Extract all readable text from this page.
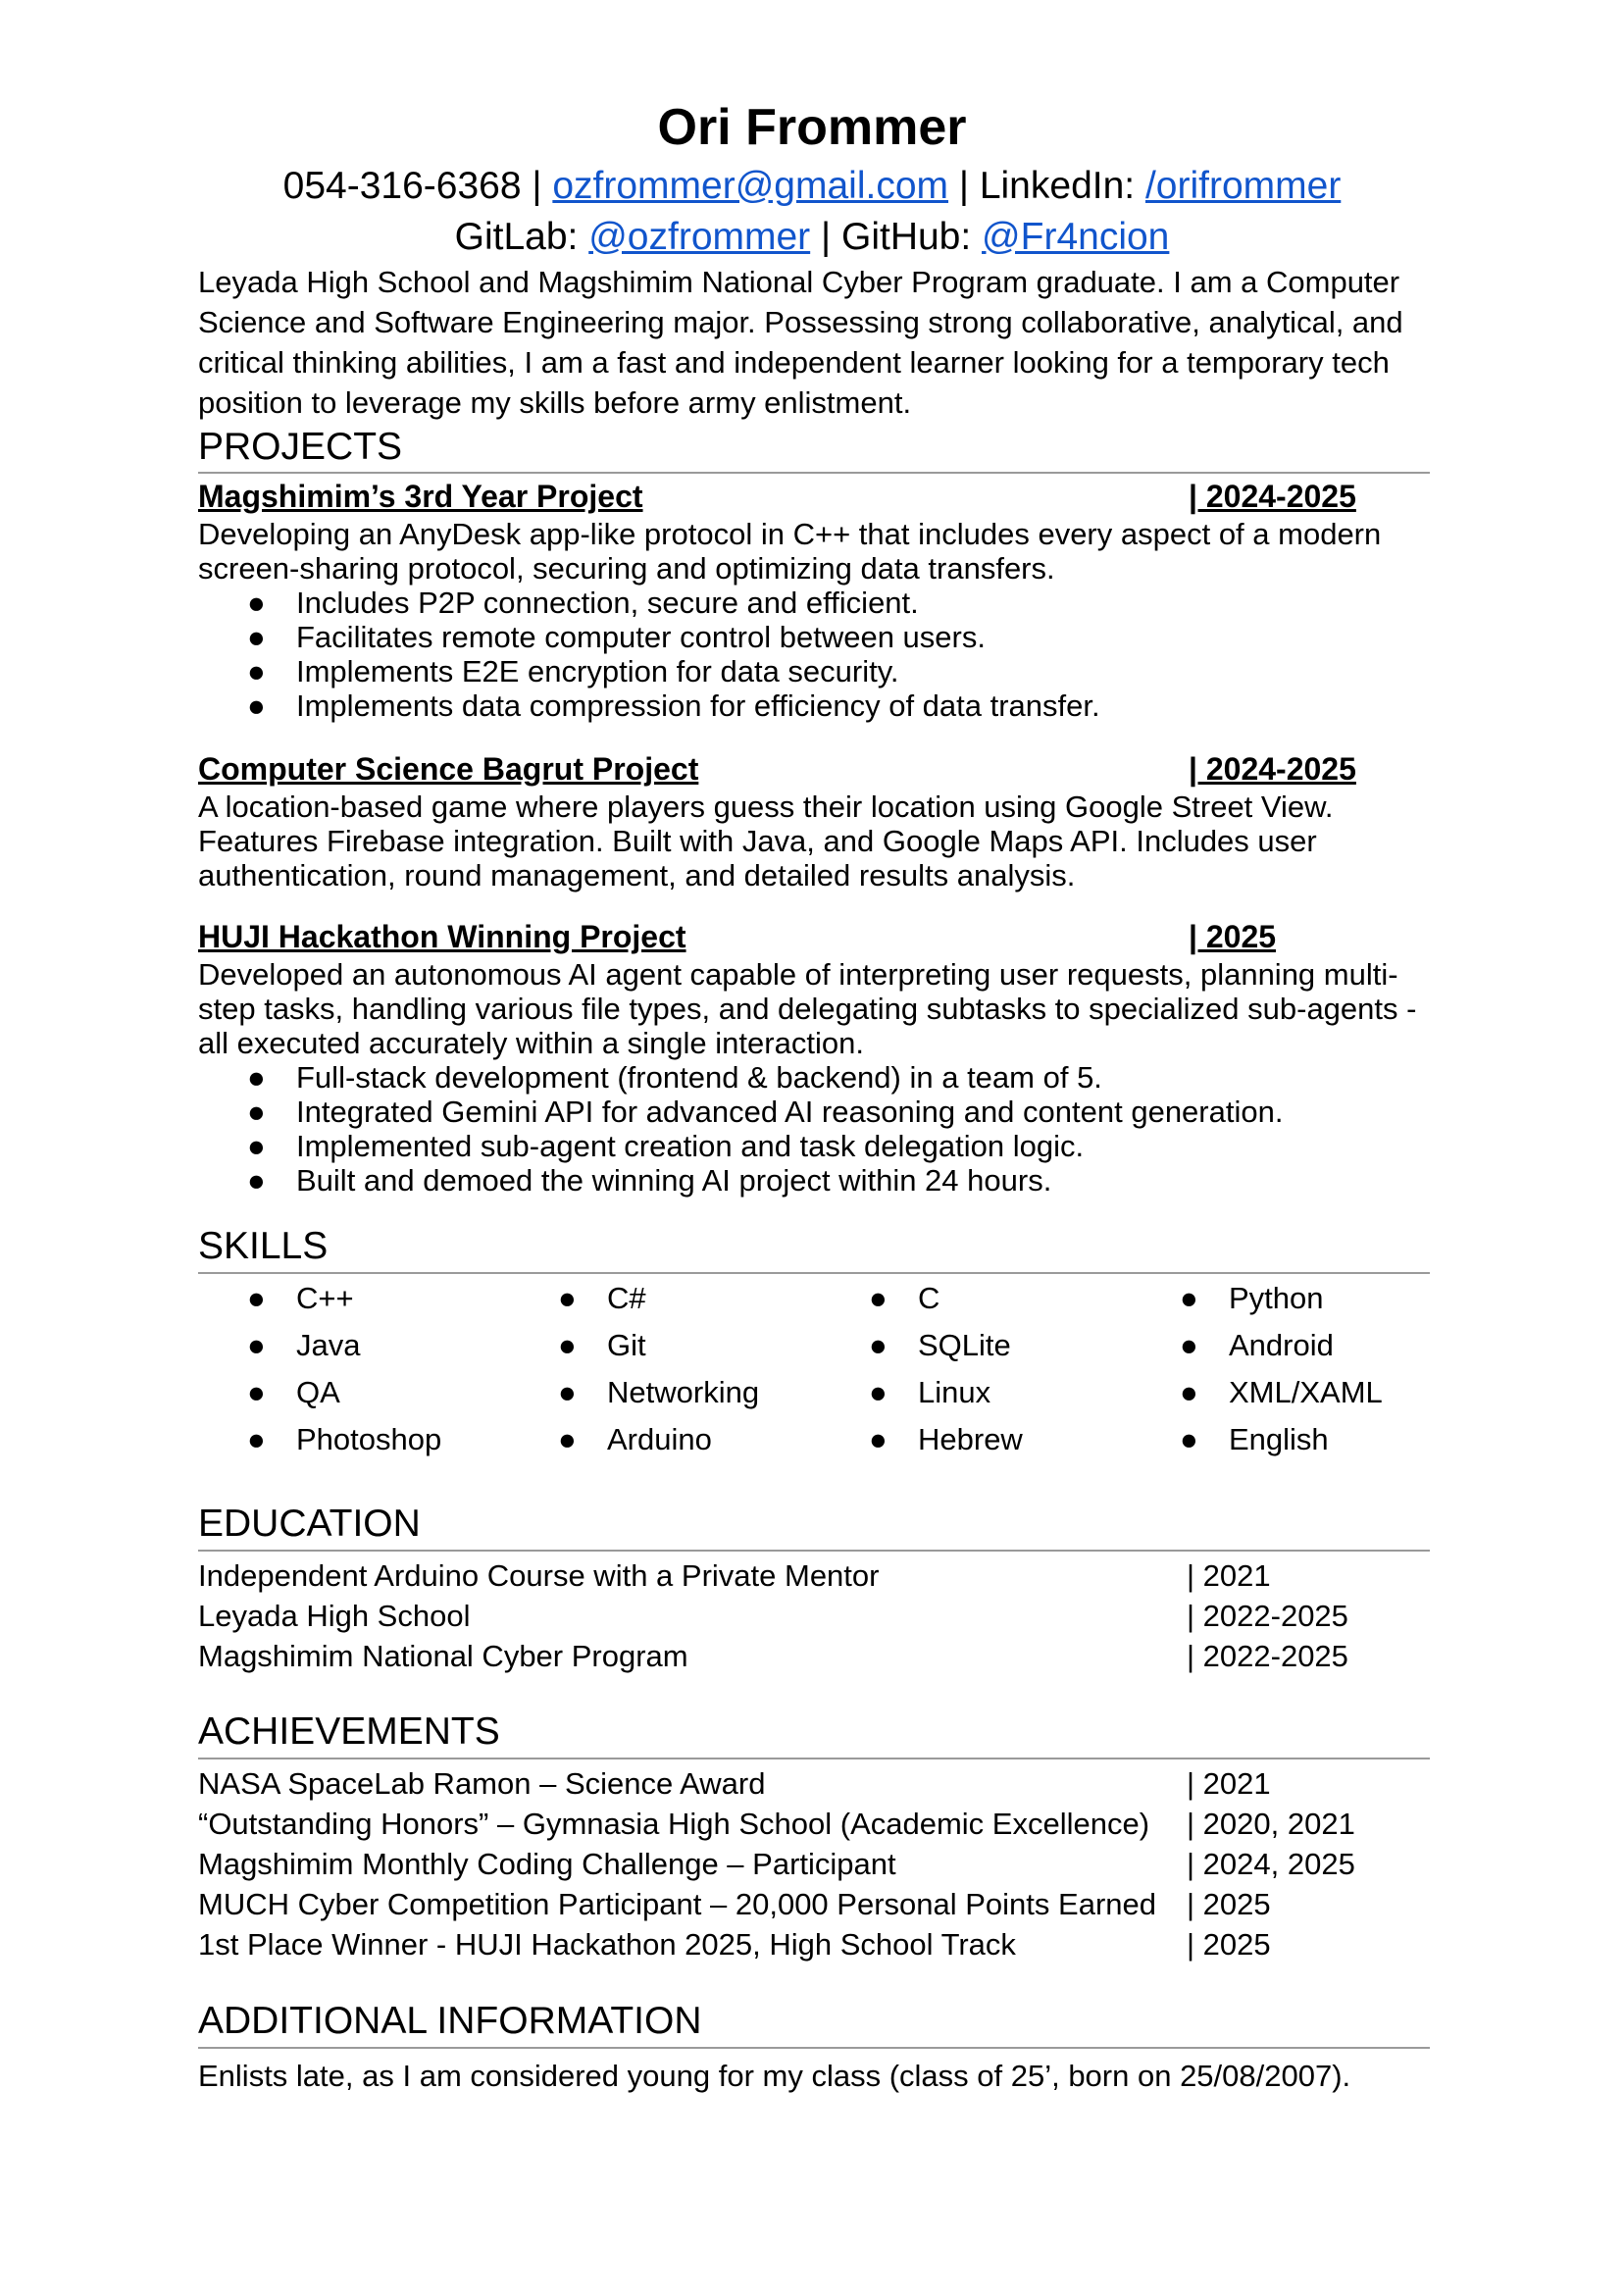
Ori Frommer
054-316-6368 | ozfrommer@gmail.com | LinkedIn: /orifrommer
GitLab: @ozfrommer | GitHub: @Fr4ncion
Leyada High School and Magshimim National Cyber Program graduate. I am a Computer Science and Software Engineering major. Possessing strong collaborative, analytical, and critical thinking abilities, I am a fast and independent learner looking for a temporary tech position to leverage my skills before army enlistment.
PROJECTS
Magshimim’s 3rd Year Project	| 2024-2025
Developing an AnyDesk app-like protocol in C++ that includes every aspect of a modern screen-sharing protocol, securing and optimizing data transfers.
● Includes P2P connection, secure and efficient.
● Facilitates remote computer control between users.
● Implements E2E encryption for data security.
● Implements data compression for efficiency of data transfer.
Computer Science Bagrut Project	| 2024-2025
A location-based game where players guess their location using Google Street View. Features Firebase integration. Built with Java, and Google Maps API. Includes user authentication, round management, and detailed results analysis.
HUJI Hackathon Winning Project	| 2025
Developed an autonomous AI agent capable of interpreting user requests, planning multi-step tasks, handling various file types, and delegating subtasks to specialized sub-agents - all executed accurately within a single interaction.
● Full-stack development (frontend & backend) in a team of 5.
● Integrated Gemini API for advanced AI reasoning and content generation.
● Implemented sub-agent creation and task delegation logic.
● Built and demoed the winning AI project within 24 hours.
SKILLS
● C++	● C#	● C	● Python
● Java	● Git	● SQLite	● Android
● QA	● Networking	● Linux	● XML/XAML
● Photoshop	● Arduino	● Hebrew	● English
EDUCATION
Independent Arduino Course with a Private Mentor	| 2021
Leyada High School	| 2022-2025
Magshimim National Cyber Program	| 2022-2025
ACHIEVEMENTS
NASA SpaceLab Ramon – Science Award	| 2021
“Outstanding Honors” – Gymnasia High School (Academic Excellence) | 2020, 2021
Magshimim Monthly Coding Challenge – Participant	| 2024, 2025
MUCH Cyber Competition Participant – 20,000 Personal Points Earned | 2025
1st Place Winner - HUJI Hackathon 2025, High School Track	| 2025
ADDITIONAL INFORMATION
Enlists late, as I am considered young for my class (class of 25’, born on 25/08/2007).
